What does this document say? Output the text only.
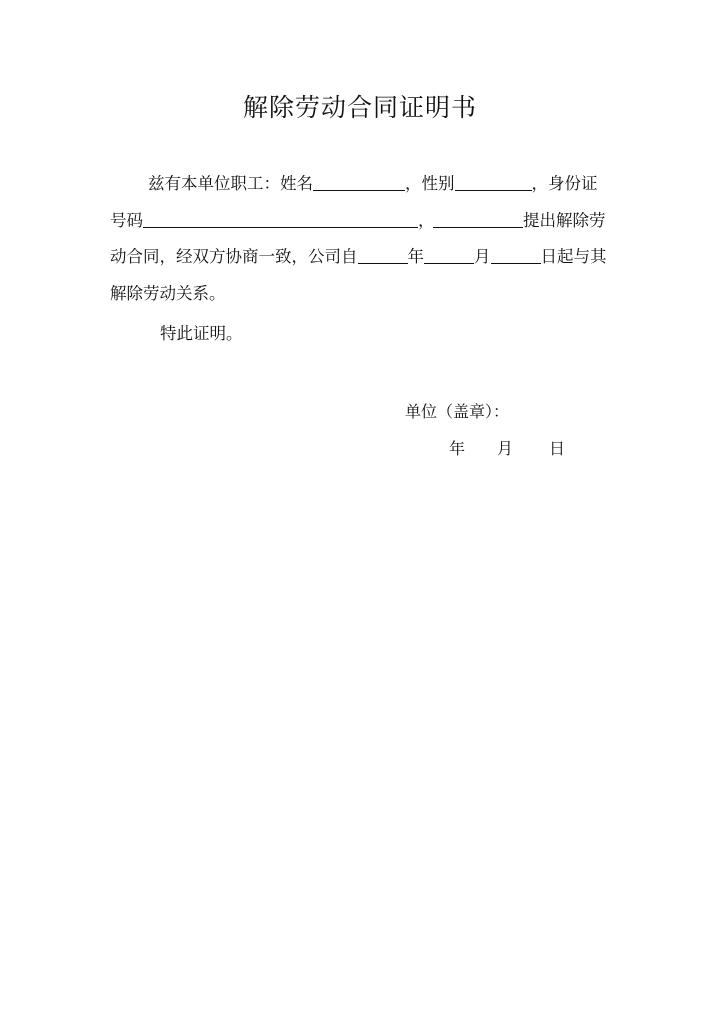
解除劳动合同证明书
兹有本单位职工：姓名	，性别	，身份证
号码	，	提出解除劳
动合同，经双方协商一致，公司自	年	月	日起与其
解除劳动关系。
特此证明。
单位（盖章）：
年 月 日
